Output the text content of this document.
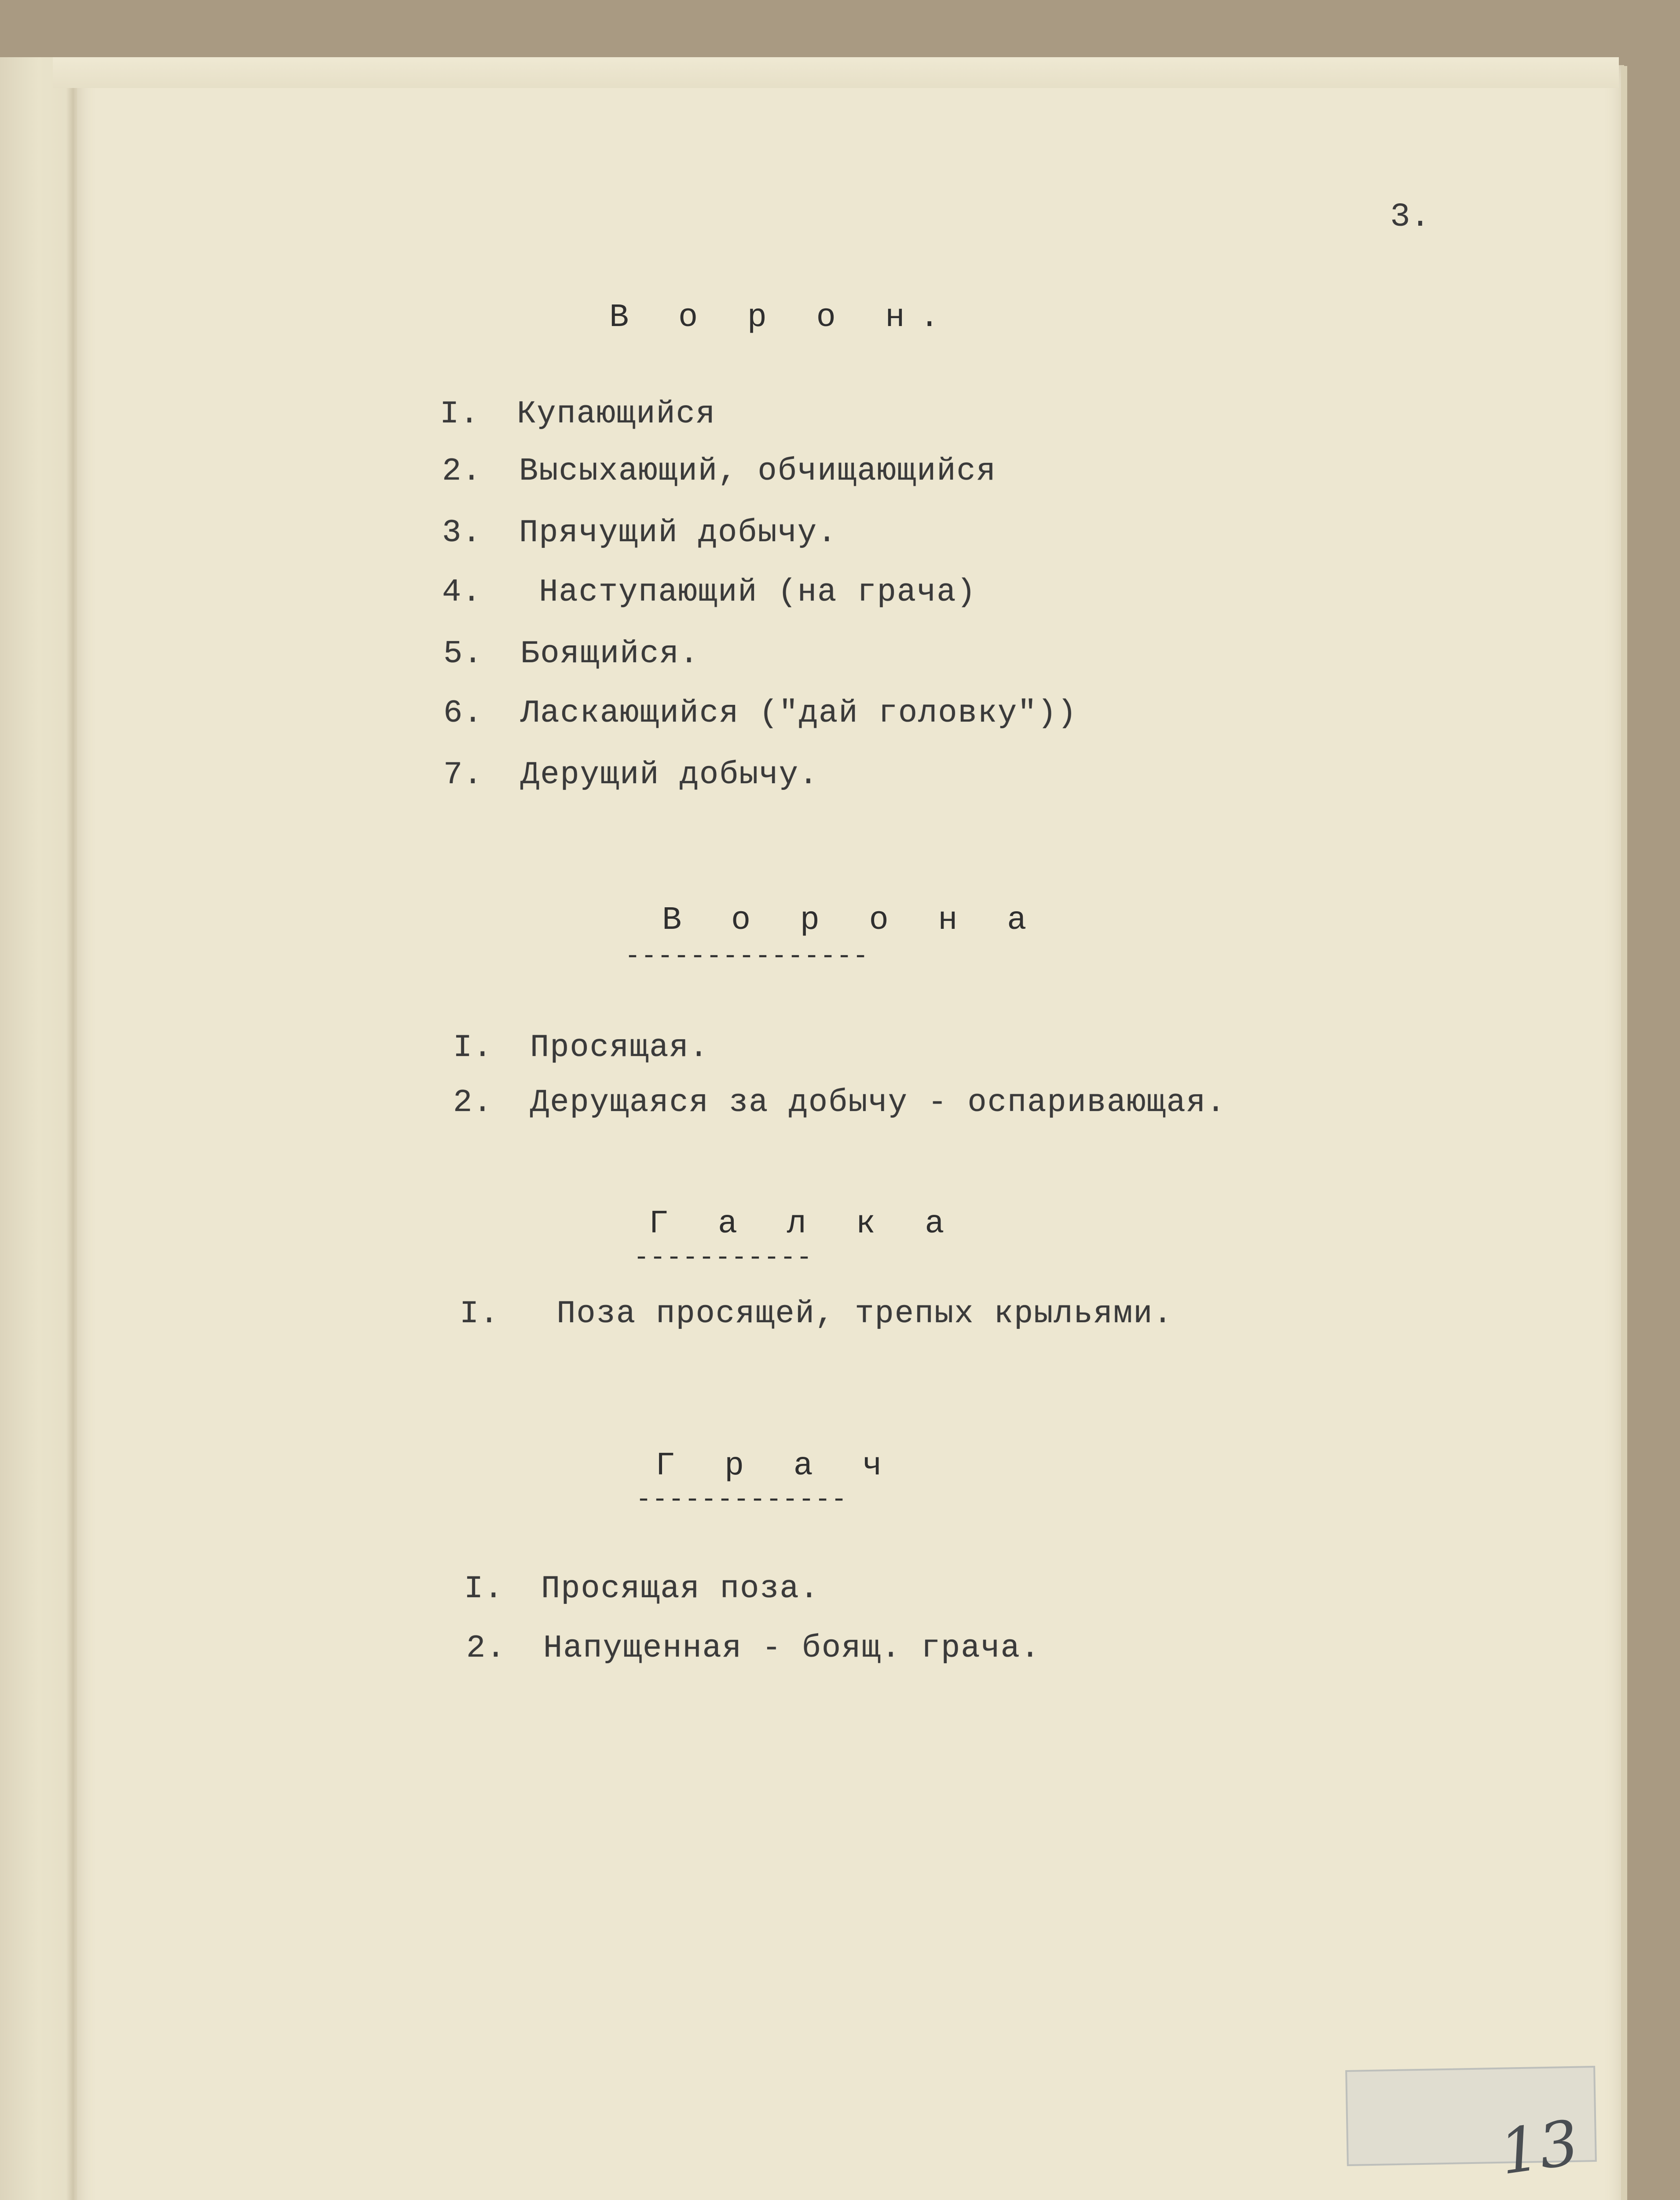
3.
В о р о н.
I. Купающийся
2. Высыхающий, обчищающийся
3. Прячущий добычу.
4. Наступающий (на грача)
5. Боящийся.
6. Ласкающийся ("дай головку"))
7. Дерущий добычу.
В о р о н а
---------------
I. Просящая.
2. Дерущаяся за добычу - оспаривающая.
Г а л к а
-----------
I. Поза просящей, трепых крыльями.
Г р а ч
-------------
I. Просящая поза.
2. Напущенная - боящ. грача.
13
